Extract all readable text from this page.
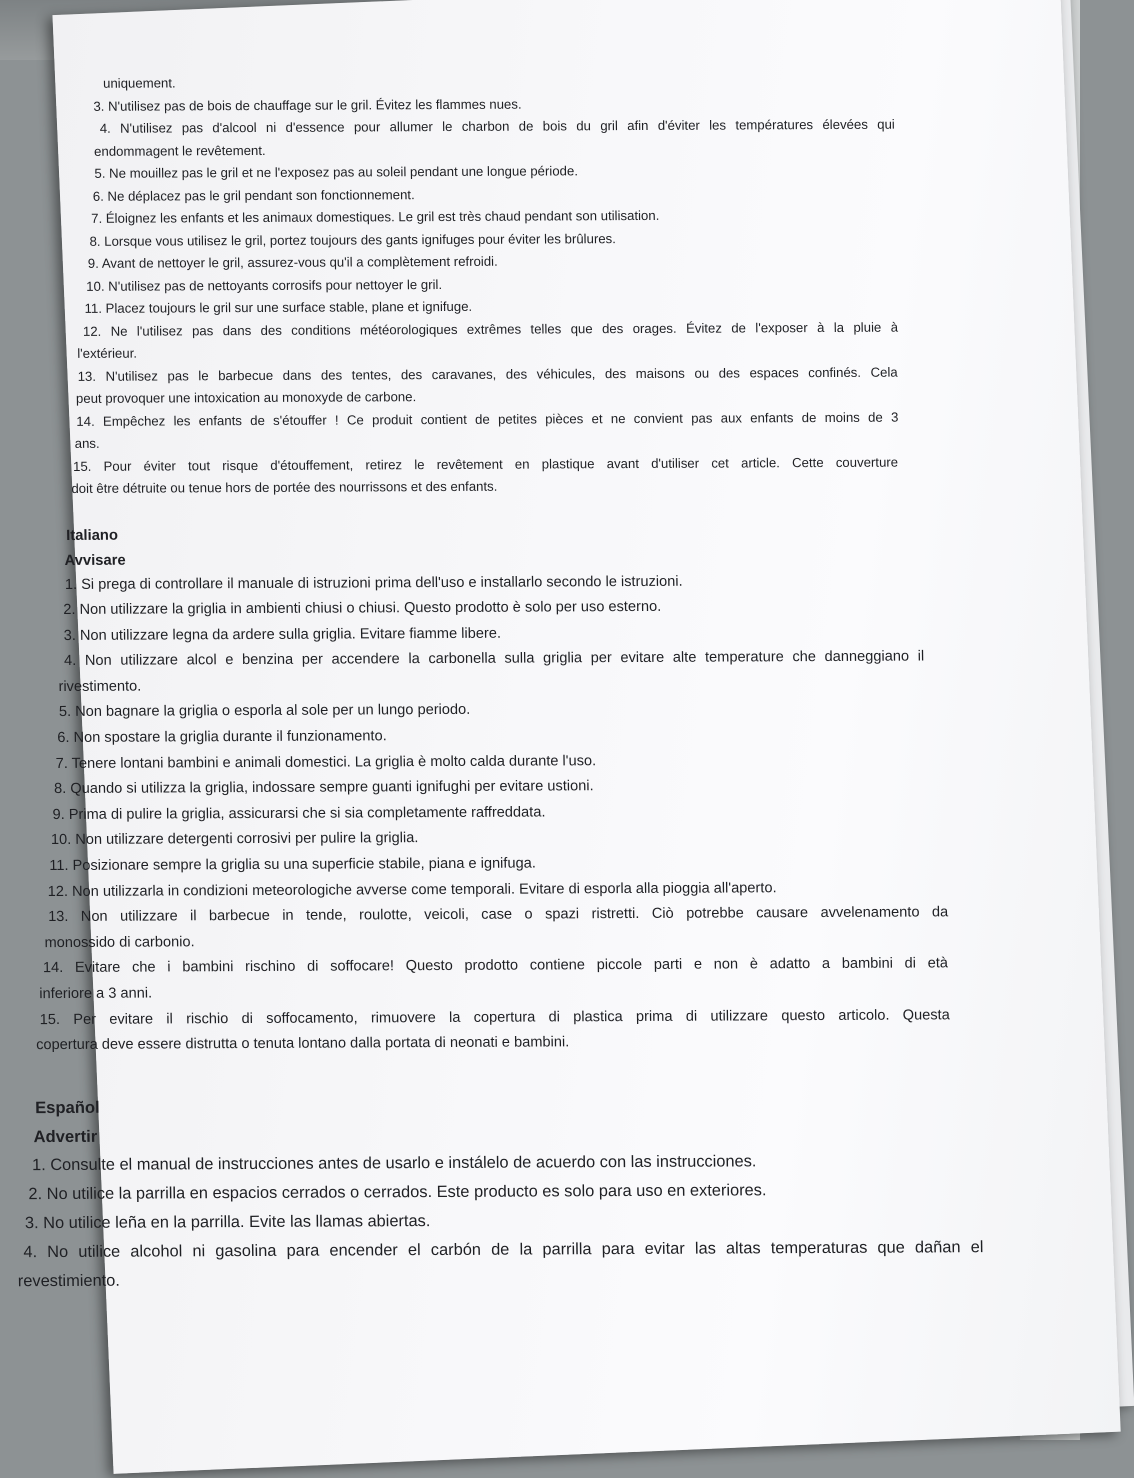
uniquement.

3. N'utilisez pas de bois de chauffage sur le gril. Évitez les flammes nues.

4. N'utilisez pas d'alcool ni d'essence pour allumer le charbon de bois du gril afin d'éviter les températures élevées qui

endommagent le revêtement.

5. Ne mouillez pas le gril et ne l'exposez pas au soleil pendant une longue période.

6. Ne déplacez pas le gril pendant son fonctionnement.

7. Éloignez les enfants et les animaux domestiques. Le gril est très chaud pendant son utilisation.

8. Lorsque vous utilisez le gril, portez toujours des gants ignifuges pour éviter les brûlures.

9. Avant de nettoyer le gril, assurez-vous qu'il a complètement refroidi.

10. N'utilisez pas de nettoyants corrosifs pour nettoyer le gril.

11. Placez toujours le gril sur une surface stable, plane et ignifuge.

12. Ne l'utilisez pas dans des conditions météorologiques extrêmes telles que des orages. Évitez de l'exposer à la pluie à

l'extérieur.

13. N'utilisez pas le barbecue dans des tentes, des caravanes, des véhicules, des maisons ou des espaces confinés. Cela

peut provoquer une intoxication au monoxyde de carbone.

14. Empêchez les enfants de s'étouffer ! Ce produit contient de petites pièces et ne convient pas aux enfants de moins de 3

ans.

15. Pour éviter tout risque d'étouffement, retirez le revêtement en plastique avant d'utiliser cet article. Cette couverture

doit être détruite ou tenue hors de portée des nourrissons et des enfants.

Italiano

Avvisare

1. Si prega di controllare il manuale di istruzioni prima dell'uso e installarlo secondo le istruzioni.

2. Non utilizzare la griglia in ambienti chiusi o chiusi. Questo prodotto è solo per uso esterno.

3. Non utilizzare legna da ardere sulla griglia. Evitare fiamme libere.

4. Non utilizzare alcol e benzina per accendere la carbonella sulla griglia per evitare alte temperature che danneggiano il

rivestimento.

5. Non bagnare la griglia o esporla al sole per un lungo periodo.

6. Non spostare la griglia durante il funzionamento.

7. Tenere lontani bambini e animali domestici. La griglia è molto calda durante l'uso.

8. Quando si utilizza la griglia, indossare sempre guanti ignifughi per evitare ustioni.

9. Prima di pulire la griglia, assicurarsi che si sia completamente raffreddata.

10. Non utilizzare detergenti corrosivi per pulire la griglia.

11. Posizionare sempre la griglia su una superficie stabile, piana e ignifuga.

12. Non utilizzarla in condizioni meteorologiche avverse come temporali. Evitare di esporla alla pioggia all'aperto.

13. Non utilizzare il barbecue in tende, roulotte, veicoli, case o spazi ristretti. Ciò potrebbe causare avvelenamento da

monossido di carbonio.

14. Evitare che i bambini rischino di soffocare! Questo prodotto contiene piccole parti e non è adatto a bambini di età

inferiore a 3 anni.

15. Per evitare il rischio di soffocamento, rimuovere la copertura di plastica prima di utilizzare questo articolo. Questa

copertura deve essere distrutta o tenuta lontano dalla portata di neonati e bambini.

Español

Advertir

1. Consulte el manual de instrucciones antes de usarlo e instálelo de acuerdo con las instrucciones.

2. No utilice la parrilla en espacios cerrados o cerrados. Este producto es solo para uso en exteriores.

3. No utilice leña en la parrilla. Evite las llamas abiertas.

4. No utilice alcohol ni gasolina para encender el carbón de la parrilla para evitar las altas temperaturas que dañan el

revestimiento.
